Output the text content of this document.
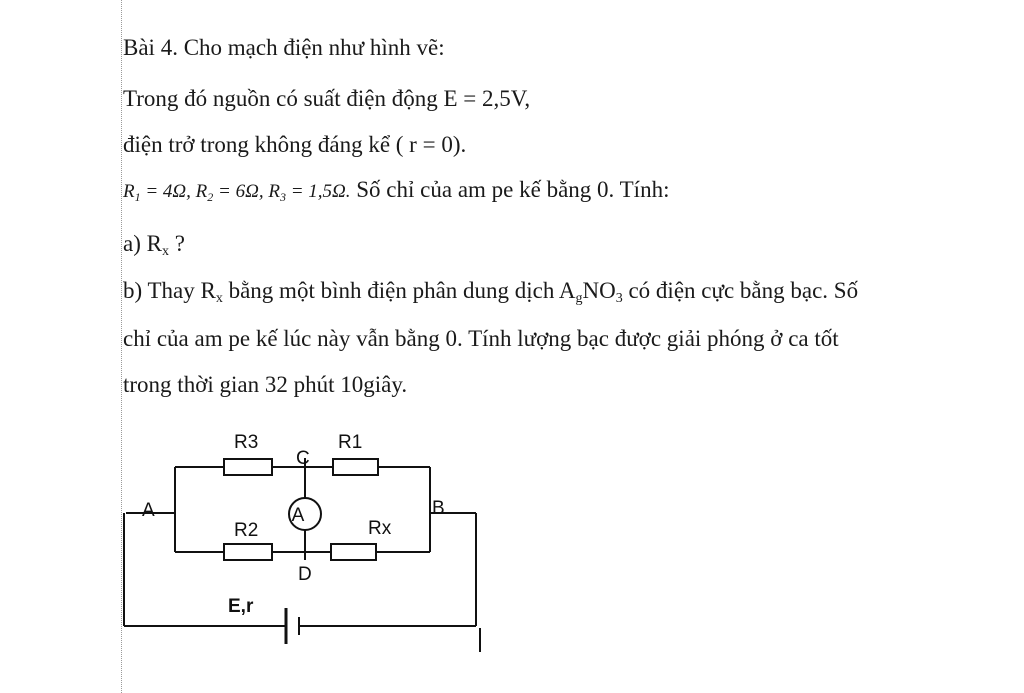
Bài 4. Cho mạch điện như hình vẽ:
Trong đó nguồn có suất điện động E = 2,5V,
điện trở trong không đáng kể ( r = 0).
$R_1 = 4\Omega$, $R_2 = 6\Omega$, $R_3 = 1,5\Omega$. Số chỉ của am pe kế bằng 0. Tính:
a) $R_x$ ?
b) Thay $R_x$ bằng một bình điện phân dung dịch $A_gNO_3$ có điện cực bằng bạc. Số
chỉ của am pe kế lúc này vẫn bằng 0. Tính lượng bạc được giải phóng ở ca tốt
trong thời gian 32 phút 10giây.
R3	R1
R2	Rx
A	B
C
D
A
E,r
